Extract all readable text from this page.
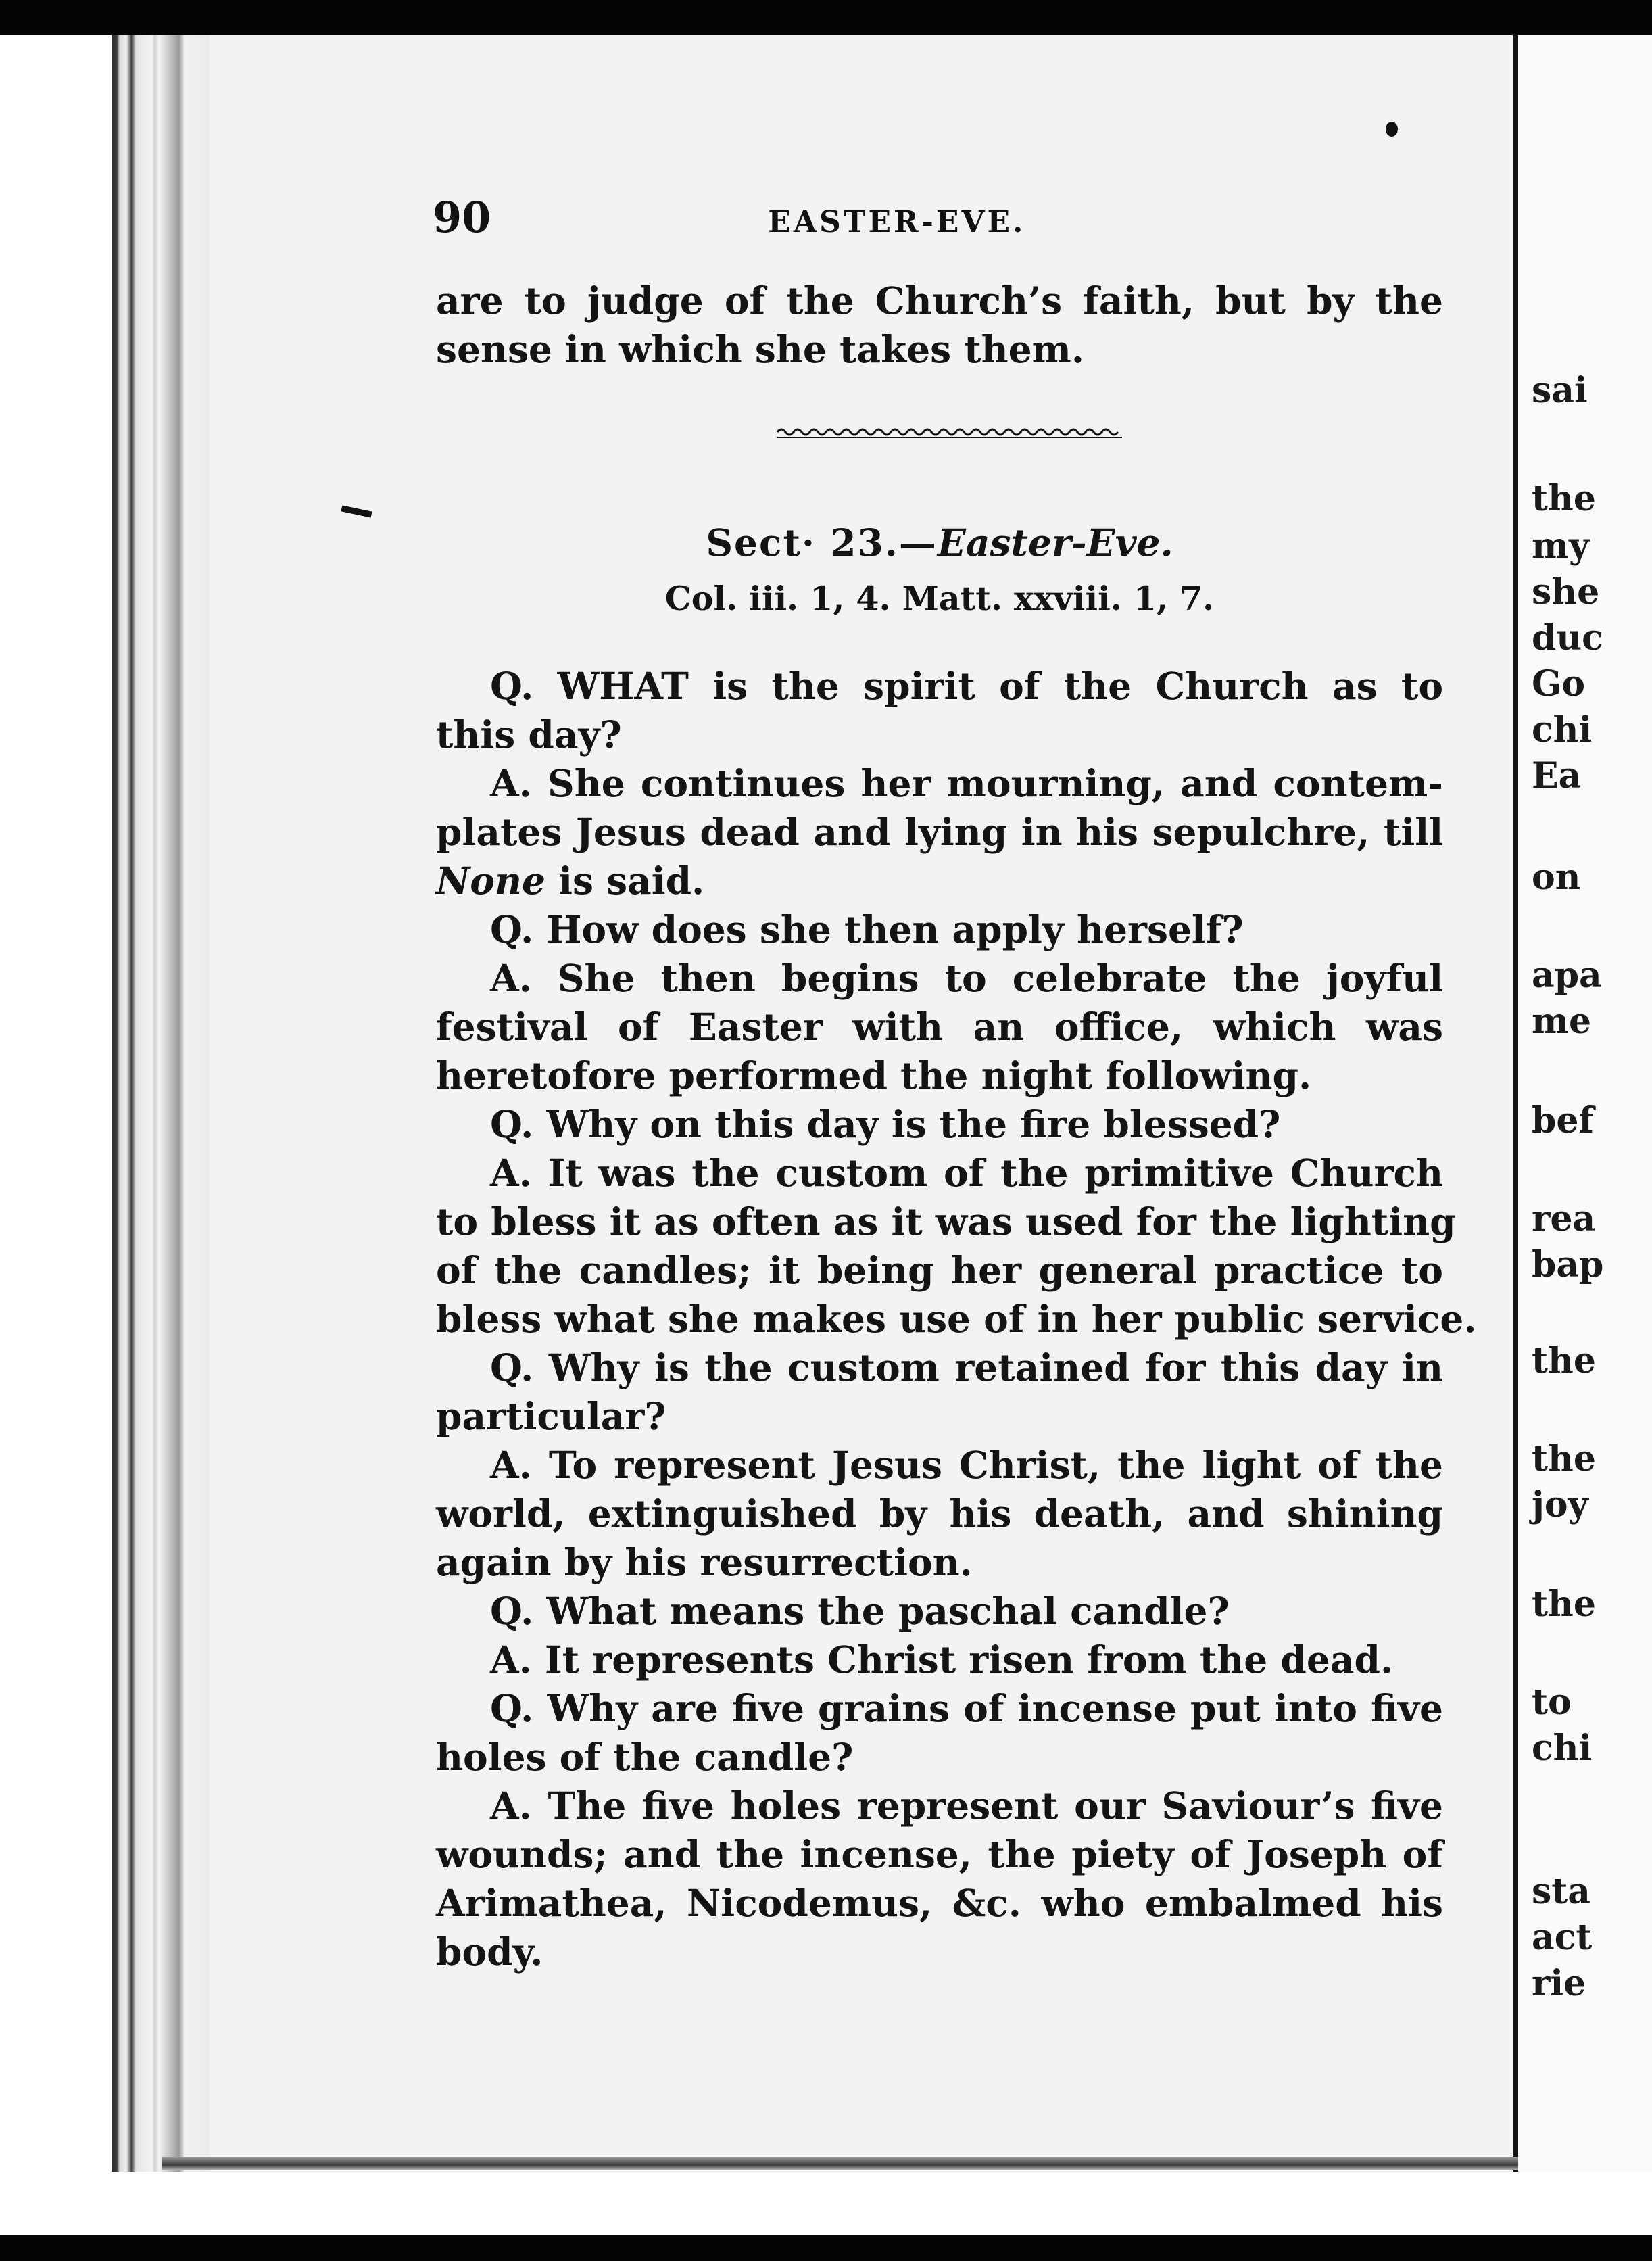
sai
the
my
she
duc
Go
chi
Ea
on
apa
me
bef
rea
bap
the
the
joy
the
to
chi
sta
act
rie
90	EASTER-EVE.
are to judge of the Church’s faith, but by the
sense in which she takes them.
Sect· 23.—Easter-Eve.
Col. iii. 1, 4. Matt. xxviii. 1, 7.
Q. WHAT is the spirit of the Church as to
this day?
A. She continues her mourning, and contem-
plates Jesus dead and lying in his sepulchre, till
None is said.
Q. How does she then apply herself?
A. She then begins to celebrate the joyful
festival of Easter with an office, which was
heretofore performed the night following.
Q. Why on this day is the fire blessed?
A. It was the custom of the primitive Church
to bless it as often as it was used for the lighting
of the candles; it being her general practice to
bless what she makes use of in her public service.
Q. Why is the custom retained for this day in
particular?
A. To represent Jesus Christ, the light of the
world, extinguished by his death, and shining
again by his resurrection.
Q. What means the paschal candle?
A. It represents Christ risen from the dead.
Q. Why are five grains of incense put into five
holes of the candle?
A. The five holes represent our Saviour’s five
wounds; and the incense, the piety of Joseph of
Arimathea, Nicodemus, &c. who embalmed his
body.
